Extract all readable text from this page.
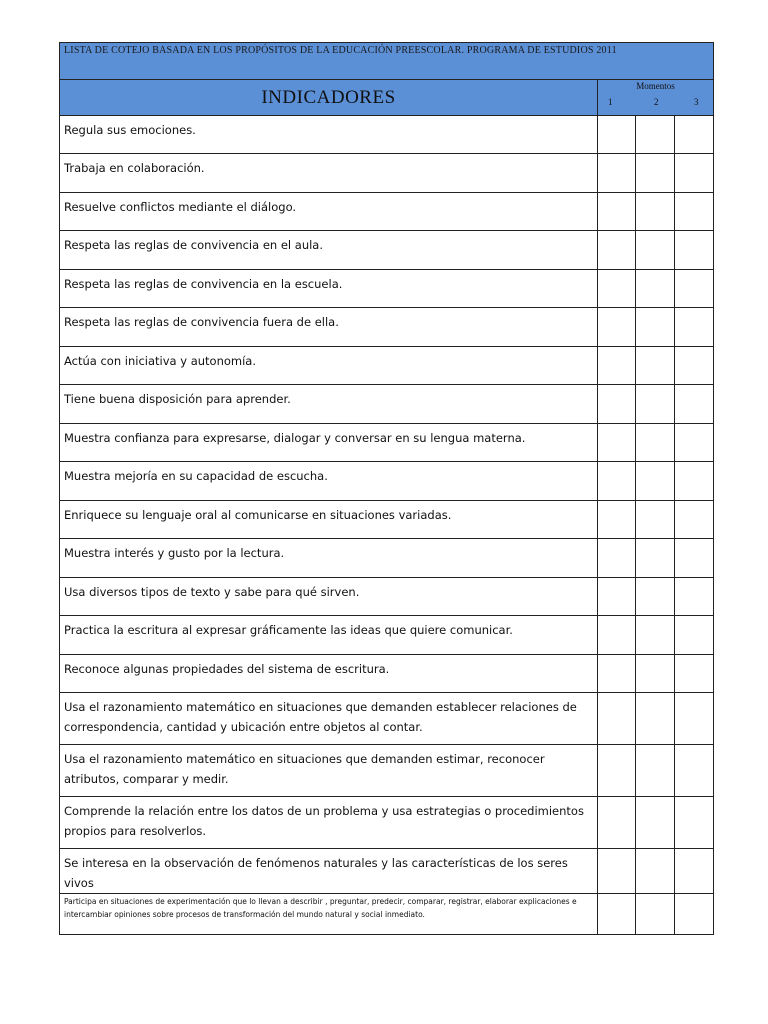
LISTA DE COTEJO BASADA EN LOS PROPÓSITOS DE LA EDUCACIÓN PREESCOLAR. PROGRAMA DE ESTUDIOS 2011			
INDICADORES	Momentos
1 2 3		

Regula sus emociones.			
Trabaja en colaboración.			
Resuelve conflictos mediante el diálogo.			
Respeta las reglas de convivencia en el aula.			
Respeta las reglas de convivencia en la escuela.			
Respeta las reglas de convivencia fuera de ella.			
Actúa con iniciativa y autonomía.			
Tiene buena disposición para aprender.			
Muestra confianza para expresarse, dialogar y conversar en su lengua materna.			
Muestra mejoría en su capacidad de escucha.			
Enriquece su lenguaje oral al comunicarse en situaciones variadas.			
Muestra interés y gusto por la lectura.			
Usa diversos tipos de texto y sabe para qué sirven.			
Practica la escritura al expresar gráficamente las ideas que quiere comunicar.			
Reconoce algunas propiedades del sistema de escritura.			
Usa el razonamiento matemático en situaciones que demanden establecer relaciones de correspondencia, cantidad y ubicación entre objetos al contar.			
Usa el razonamiento matemático en situaciones que demanden estimar, reconocer atributos, comparar y medir.			
Comprende la relación entre los datos de un problema y usa estrategias o procedimientos propios para resolverlos.			
Se interesa en la observación de fenómenos naturales y las características de los seres vivos			
Participa en situaciones de experimentación que lo llevan a describir , preguntar, predecir, comparar, registrar, elaborar explicaciones e intercambiar opiniones sobre procesos de transformación del mundo natural y social inmediato.			
